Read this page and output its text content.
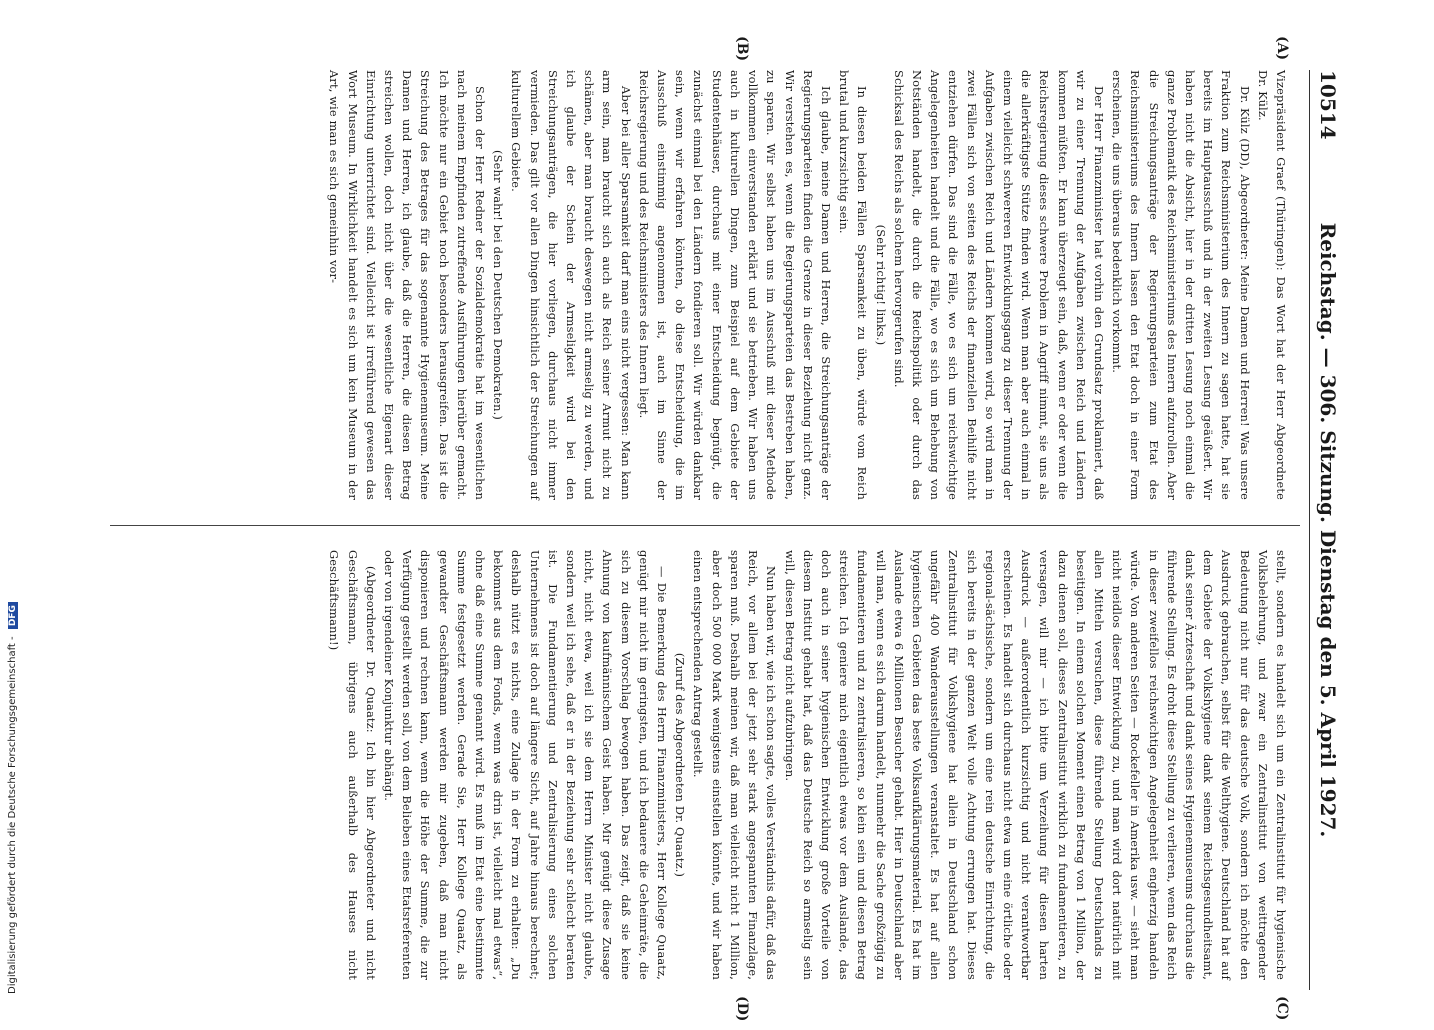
10514
Reichstag. — 306. Sitzung. Dienstag den 5. April 1927.
(A)
(B)
(C)
(D)

Vizepräsident Graef (Thüringen): Das Wort hat der Herr Abgeordnete Dr. Külz.

Dr. Külz (DD), Abgeordneter: Meine Damen und Herren! Was unsere Fraktion zum Reichsministerium des Innern zu sagen hatte, hat sie bereits im Hauptausschuß und in der zweiten Lesung geäußert. Wir haben nicht die Absicht, hier in der dritten Lesung noch einmal die ganze Problematik des Reichsministeriums des Innern aufzurollen. Aber die Streichungsanträge der Regierungsparteien zum Etat des Reichsministeriums des Innern lassen den Etat doch in einer Form erscheinen, die uns überaus bedenklich vorkommt.

Der Herr Finanzminister hat vorhin den Grundsatz proklamiert, daß wir zu einer Trennung der Aufgaben zwischen Reich und Ländern kommen müßten. Er kann überzeugt sein, daß, wenn er oder wenn die Reichsregierung dieses schwere Problem in Angriff nimmt, sie uns als die allerkräftigste Stütze finden wird. Wenn man aber auch einmal in einem vielleicht schwereren Entwicklungsgang zu dieser Trennung der Aufgaben zwischen Reich und Ländern kommen wird, so wird man in zwei Fällen sich von seiten des Reichs der finanziellen Beihilfe nicht entziehen dürfen. Das sind die Fälle, wo es sich um reichswichtige Angelegenheiten handelt und die Fälle, wo es sich um Behebung von Notständen handelt, die durch die Reichspolitik oder durch das Schicksal des Reichs als solchem hervorgerufen sind.

(Sehr richtig! links.)

In diesen beiden Fällen Sparsamkeit zu üben, würde vom Reich brutal und kurzsichtig sein.

Ich glaube, meine Damen und Herren, die Streichungsanträge der Regierungsparteien finden die Grenze in dieser Beziehung nicht ganz. Wir verstehen es, wenn die Regierungsparteien das Bestreben haben, zu sparen. Wir selbst haben uns im Ausschuß mit dieser Methode vollkommen einverstanden erklärt und sie betrieben. Wir haben uns auch in kulturellen Dingen, zum Beispiel auf dem Gebiete der Studentenhäuser, durchaus mit einer Entscheidung begnügt, die zunächst einmal bei den Ländern fondieren soll. Wir würden dankbar sein, wenn wir erfahren könnten, ob diese Entscheidung, die im Ausschuß einstimmig angenommen ist, auch im Sinne der Reichsregierung und des Reichsministers des Innern liegt.

Aber bei aller Sparsamkeit darf man eins nicht vergessen: Man kann arm sein, man braucht sich auch als Reich seiner Armut nicht zu schämen, aber man braucht deswegen nicht armselig zu werden, und ich glaube der Schein der Armseligkeit wird bei den Streichungsanträgen, die hier vorliegen, durchaus nicht immer vermieden. Das gilt vor allen Dingen hinsichtlich der Streichungen auf kulturellem Gebiete.

(Sehr wahr! bei den Deutschen Demokraten.)

Schon der Herr Redner der Sozialdemokratie hat im wesentlichen nach meinem Empfinden zutreffende Ausführungen hierüber gemacht. Ich möchte nur ein Gebiet noch besonders herausgreifen. Das ist die Streichung des Betrages für das sogenannte Hygienemuseum. Meine Damen und Herren, ich glaube, daß die Herren, die diesen Betrag streichen wollen, doch nicht über die wesentliche Eigenart dieser Einrichtung unterrichtet sind. Vielleicht ist irreführend gewesen das Wort Museum. In Wirklichkeit handelt es sich um kein Museum in der Art, wie man es sich gemeinhin vor-

stellt, sondern es handelt sich um ein Zentralinstitut für hygienische Volksbelehrung, und zwar ein Zentralinstitut von weittragender Bedeutung nicht nur für das deutsche Volk, sondern ich möchte den Ausdruck gebrauchen, selbst für die Welthygiene. Deutschland hat auf dem Gebiete der Volkshygiene dank seinem Reichsgesundheitsamt, dank seiner Ärzteschaft und dank seines Hygienemuseums durchaus die führende Stellung. Es droht diese Stellung zu verlieren, wenn das Reich in dieser zweifellos reichswichtigen Angelegenheit engherzig handeln würde. Von anderen Seiten — Rockefeller in Amerika usw. — sieht man nicht neidlos dieser Entwicklung zu, und man wird dort natürlich mit allen Mitteln versuchen, diese führende Stellung Deutschlands zu beseitigen. In einem solchen Moment einen Betrag von 1 Million, der dazu dienen soll, dieses Zentralinstitut wirklich zu fundamentieren, zu versagen, will mir — ich bitte um Verzeihung für diesen harten Ausdruck — außerordentlich kurzsichtig und nicht verantwortbar erscheinen. Es handelt sich durchaus nicht etwa um eine örtliche oder regional-sächsische, sondern um eine rein deutsche Einrichtung, die sich bereits in der ganzen Welt volle Achtung errungen hat. Dieses Zentralinstitut für Volkshygiene hat allein in Deutschland schon ungefähr 400 Wanderausstellungen veranstaltet. Es hat auf allen hygienischen Gebieten das beste Volksaufklärungsmaterial. Es hat im Auslande etwa 6 Millionen Besucher gehabt. Hier in Deutschland aber will man, wenn es sich darum handelt, nunmehr die Sache großzügig zu fundamentieren und zu zentralisieren, so klein sein und diesen Betrag streichen. Ich geniere mich eigentlich etwas vor dem Auslande, das doch auch in seiner hygienischen Entwicklung große Vorteile von diesem Institut gehabt hat, daß das Deutsche Reich so armselig sein will, diesen Betrag nicht aufzubringen.

Nun haben wir, wie ich schon sagte, volles Verständnis dafür, daß das Reich, vor allem bei der jetzt sehr stark angespannten Finanzlage, sparen muß. Deshalb meinen wir, daß man vielleicht nicht 1 Million, aber doch 500 000 Mark wenigstens einstellen könnte, und wir haben einen entsprechenden Antrag gestellt.

(Zuruf des Abgeordneten Dr. Quaatz.)

— Die Bemerkung des Herrn Finanzministers, Herr Kollege Quaatz, genügt mir nicht im geringsten, und ich bedauere die Geheimräte, die sich zu diesem Vorschlag bewogen haben. Das zeigt, daß sie keine Ahnung von kaufmännischem Geist haben. Mir genügt diese Zusage nicht, nicht etwa, weil ich sie dem Herrn Minister nicht glaubte, sondern weil ich sehe, daß er in der Beziehung sehr schlecht beraten ist. Die Fundamentierung und Zentralisierung eines solchen Unternehmens ist doch auf längere Sicht, auf Jahre hinaus berechnet; deshalb nützt es nichts, eine Zulage in der Form zu erhalten: „Du bekommst aus dem Fonds, wenn was drin ist, vielleicht mal etwas“, ohne daß eine Summe genannt wird. Es muß im Etat eine bestimmte Summe festgesetzt werden. Gerade Sie, Herr Kollege Quaatz, als gewandter Geschäftsmann werden mir zugeben, daß man nicht disponieren und rechnen kann, wenn die Höhe der Summe, die zur Verfügung gestellt werden soll, von dem Belieben eines Etatsreferenten oder von irgendeiner Konjunktur abhängt.

(Abgeordneter Dr. Quaatz: Ich bin hier Abgeordneter und nicht Geschäftsmann, übrigens auch außerhalb des Hauses nicht Geschäftsmann!)

Digitalisierung gefördert durch die Deutsche Forschungsgemeinschaft - DFG
